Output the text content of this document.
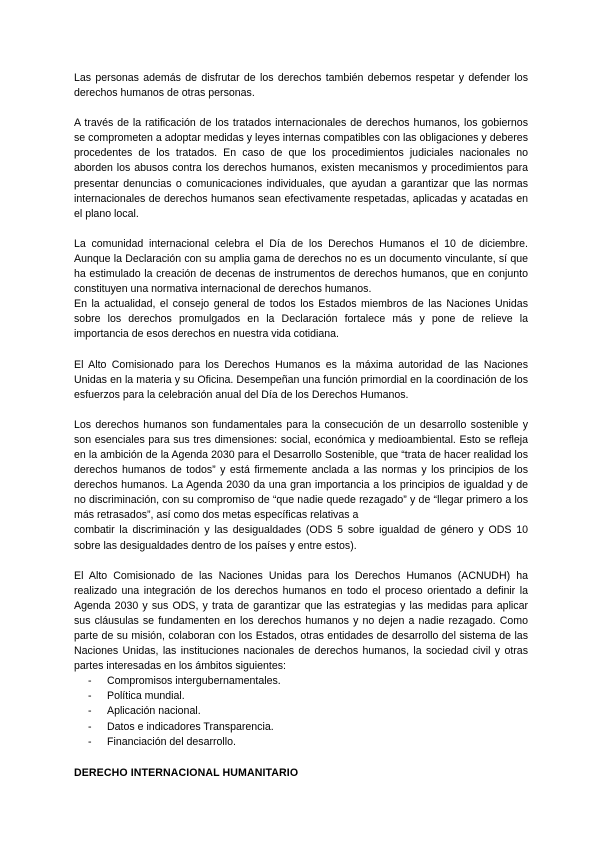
Las personas además de disfrutar de los derechos también debemos respetar y defender los derechos humanos de otras personas.

A través de la ratificación de los tratados internacionales de derechos humanos, los gobiernos se comprometen a adoptar medidas y leyes internas compatibles con las obligaciones y deberes procedentes de los tratados. En caso de que los procedimientos judiciales nacionales no aborden los abusos contra los derechos humanos, existen mecanismos y procedimientos para presentar denuncias o comunicaciones individuales, que ayudan a garantizar que las normas internacionales de derechos humanos sean efectivamente respetadas, aplicadas y acatadas en el plano local.

La comunidad internacional celebra el Día de los Derechos Humanos el 10 de diciembre. Aunque la Declaración con su amplia gama de derechos no es un documento vinculante, sí que ha estimulado la creación de decenas de instrumentos de derechos humanos, que en conjunto constituyen una normativa internacional de derechos humanos.

En la actualidad, el consejo general de todos los Estados miembros de las Naciones Unidas sobre los derechos promulgados en la Declaración fortalece más y pone de relieve la importancia de esos derechos en nuestra vida cotidiana.

El Alto Comisionado para los Derechos Humanos es la máxima autoridad de las Naciones Unidas en la materia y su Oficina. Desempeñan una función primordial en la coordinación de los esfuerzos para la celebración anual del Día de los Derechos Humanos.

Los derechos humanos son fundamentales para la consecución de un desarrollo sostenible y son esenciales para sus tres dimensiones: social, económica y medioambiental. Esto se refleja en la ambición de la Agenda 2030 para el Desarrollo Sostenible, que “trata de hacer realidad los derechos humanos de todos” y está firmemente anclada a las normas y los principios de los derechos humanos. La Agenda 2030 da una gran importancia a los principios de igualdad y de no discriminación, con su compromiso de “que nadie quede rezagado” y de “llegar primero a los más retrasados”, así como dos metas específicas relativas a

combatir la discriminación y las desigualdades (ODS 5 sobre igualdad de género y ODS 10 sobre las desigualdades dentro de los países y entre estos).

El Alto Comisionado de las Naciones Unidas para los Derechos Humanos (ACNUDH) ha realizado una integración de los derechos humanos en todo el proceso orientado a definir la Agenda 2030 y sus ODS, y trata de garantizar que las estrategias y las medidas para aplicar sus cláusulas se fundamenten en los derechos humanos y no dejen a nadie rezagado. Como parte de su misión, colaboran con los Estados, otras entidades de desarrollo del sistema de las Naciones Unidas, las instituciones nacionales de derechos humanos, la sociedad civil y otras partes interesadas en los ámbitos siguientes:

- Compromisos intergubernamentales.
- Política mundial.
- Aplicación nacional.
- Datos e indicadores Transparencia.
- Financiación del desarrollo.

DERECHO INTERNACIONAL HUMANITARIO
